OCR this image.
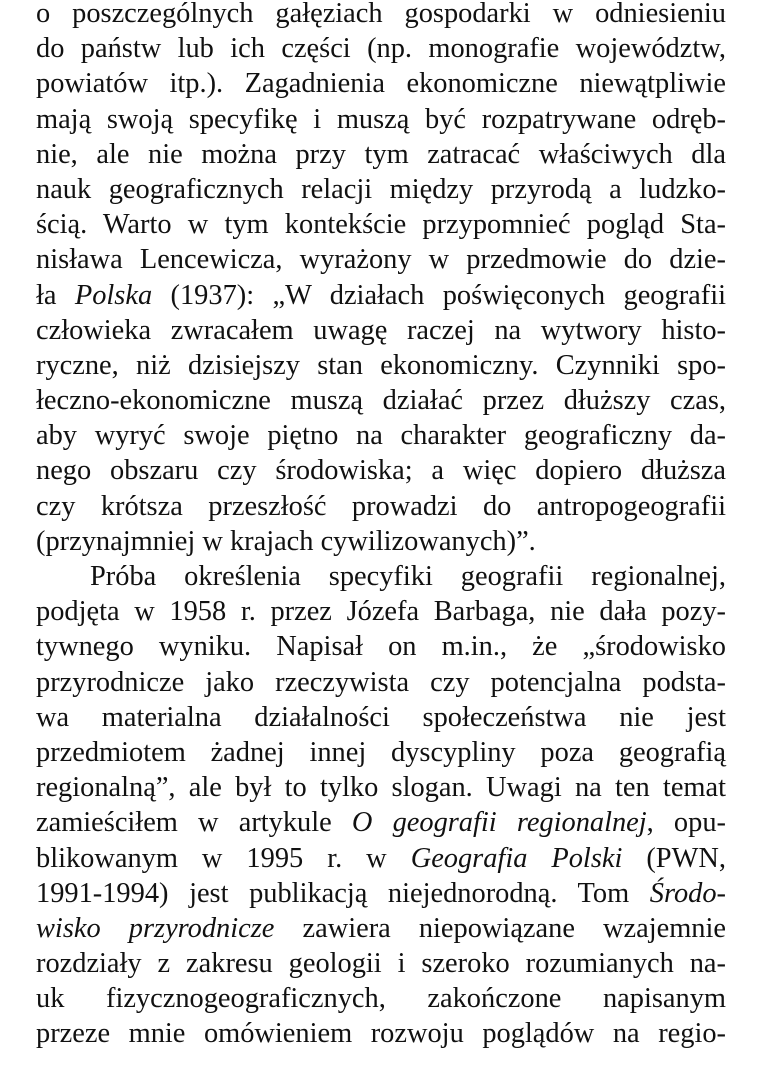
o poszczególnych gałęziach gospodarki w odniesieniu
do państw lub ich części (np. monografie województw,
powiatów itp.). Zagadnienia ekonomiczne niewątpliwie
mają swoją specyfikę i muszą być rozpatrywane odręb-
nie, ale nie można przy tym zatracać właściwych dla
nauk geograficznych relacji między przyrodą a ludzko-
ścią. Warto w tym kontekście przypomnieć pogląd Sta-
nisława Lencewicza, wyrażony w przedmowie do dzie-
ła Polska (1937): „W działach poświęconych geografii
człowieka zwracałem uwagę raczej na wytwory histo-
ryczne, niż dzisiejszy stan ekonomiczny. Czynniki spo-
łeczno-ekonomiczne muszą działać przez dłuższy czas,
aby wyryć swoje piętno na charakter geograficzny da-
nego obszaru czy środowiska; a więc dopiero dłuższa
czy krótsza przeszłość prowadzi do antropogeografii
(przynajmniej w krajach cywilizowanych)”.
Próba określenia specyfiki geografii regionalnej,
podjęta w 1958 r. przez Józefa Barbaga, nie dała pozy-
tywnego wyniku. Napisał on m.in., że „środowisko
przyrodnicze jako rzeczywista czy potencjalna podsta-
wa materialna działalności społeczeństwa nie jest
przedmiotem żadnej innej dyscypliny poza geografią
regionalną”, ale był to tylko slogan. Uwagi na ten temat
zamieściłem w artykule O geografii regionalnej, opu-
blikowanym w 1995 r. w Geografia Polski (PWN,
1991-1994) jest publikacją niejednorodną. Tom Środo-
wisko przyrodnicze zawiera niepowiązane wzajemnie
rozdziały z zakresu geologii i szeroko rozumianych na-
uk fizycznogeograficznych, zakończone napisanym
przeze mnie omówieniem rozwoju poglądów na regio-
